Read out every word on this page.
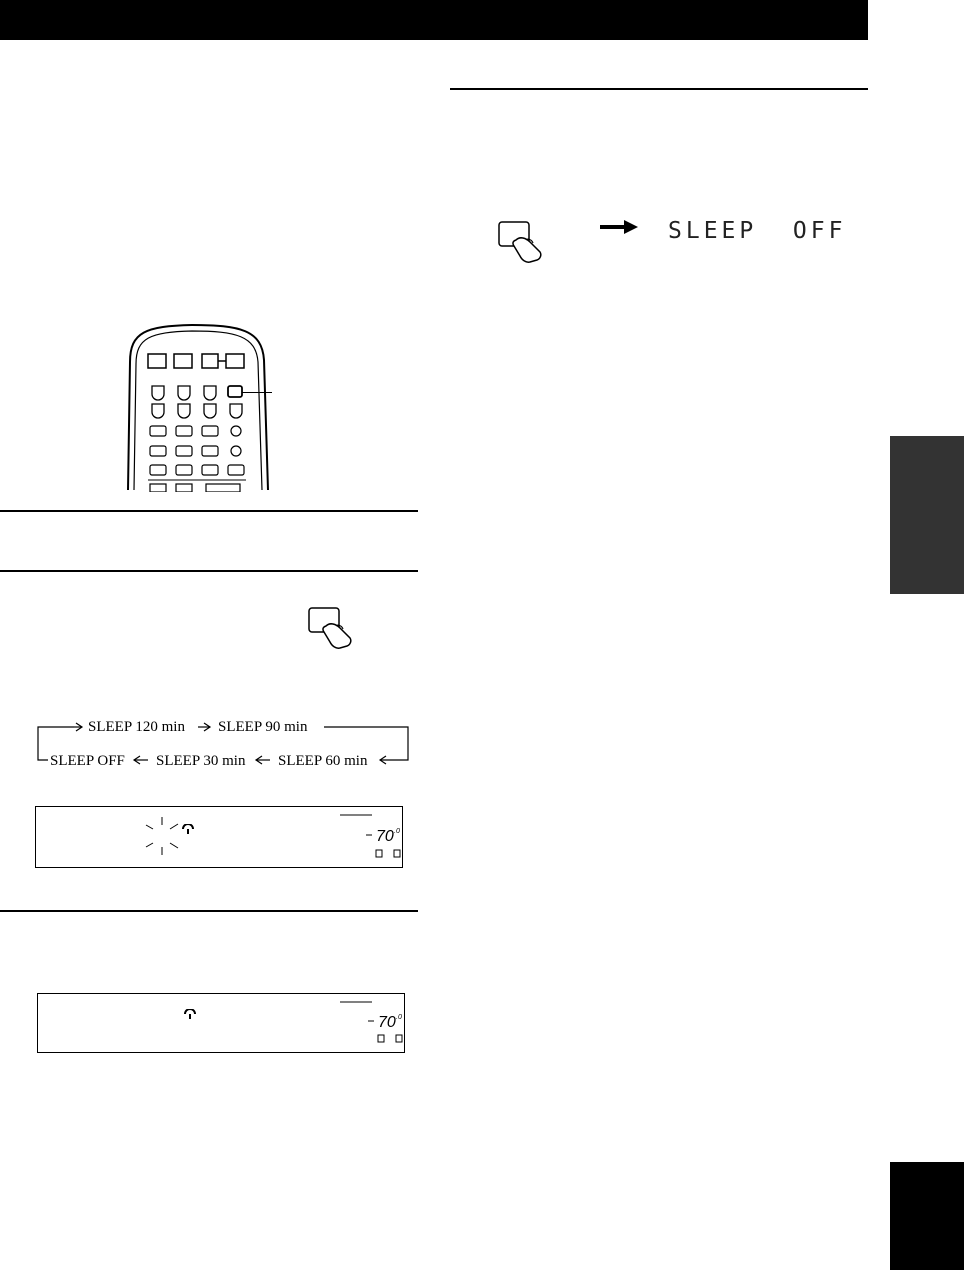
SLEEP  OFF
SLEEP 120 min SLEEP 90 min
SLEEP OFF SLEEP 30 min SLEEP 60 min
70 .0
70 .0
